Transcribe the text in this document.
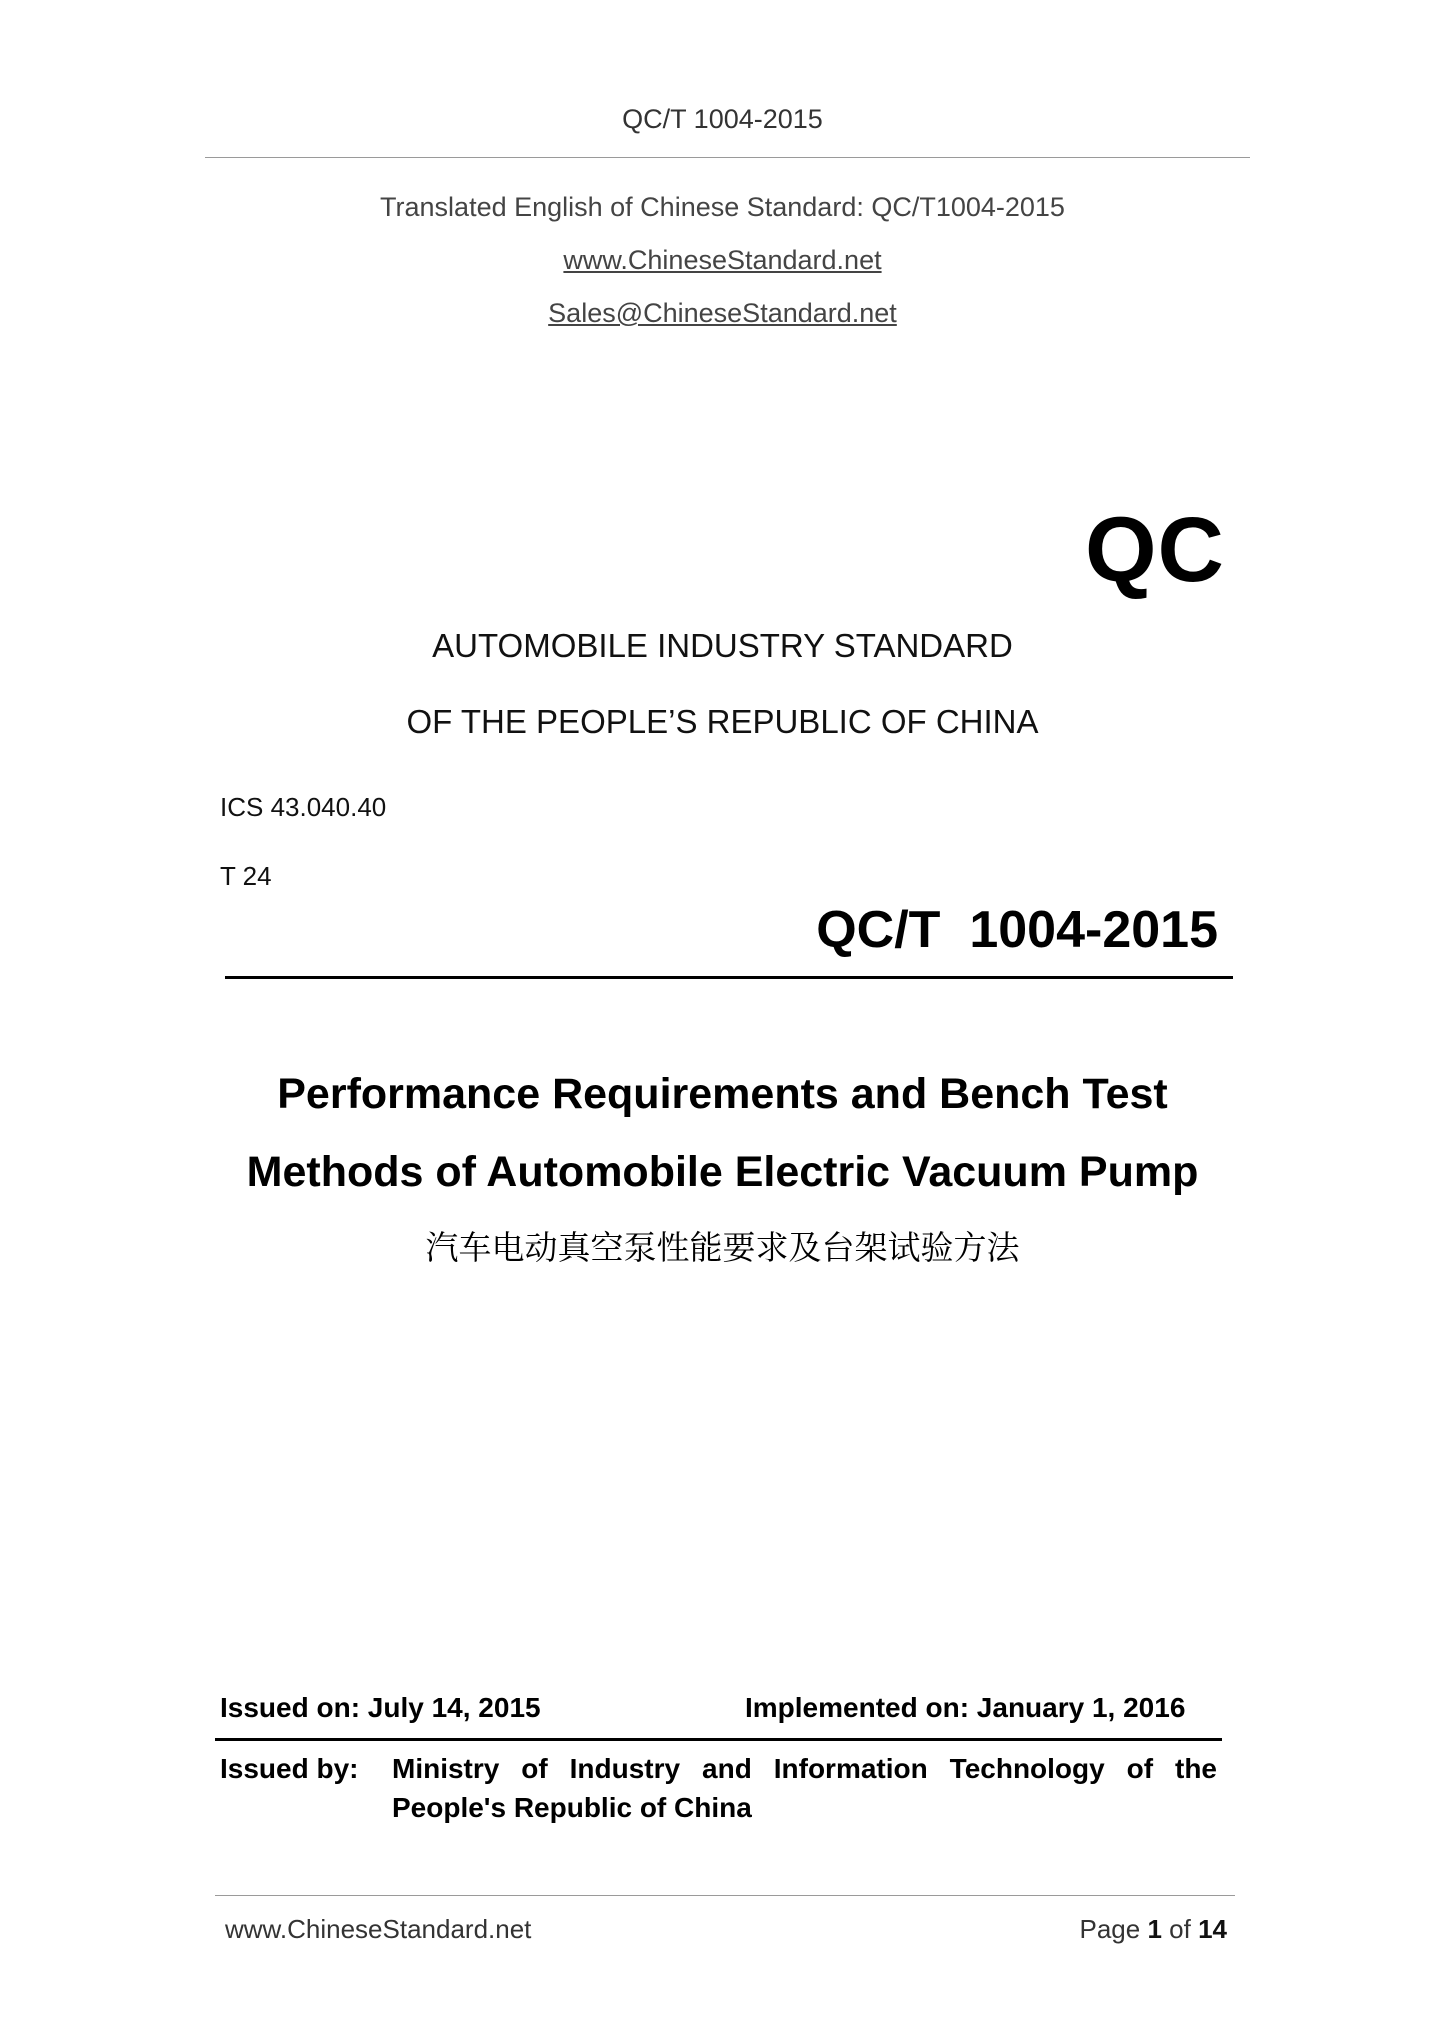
QC/T 1004-2015
Translated English of Chinese Standard: QC/T1004-2015
www.ChineseStandard.net
Sales@ChineseStandard.net
QC
AUTOMOBILE INDUSTRY STANDARD
OF THE PEOPLE’S REPUBLIC OF CHINA
ICS 43.040.40
T 24
QC/T  1004-2015
Performance Requirements and Bench Test
Methods of Automobile Electric Vacuum Pump
汽车电动真空泵性能要求及台架试验方法
Issued on: July 14, 2015	Implemented on: January 1, 2016
Issued by: Ministry of Industry and Information Technology of the People's Republic of China
www.ChineseStandard.net	Page 1 of 14
